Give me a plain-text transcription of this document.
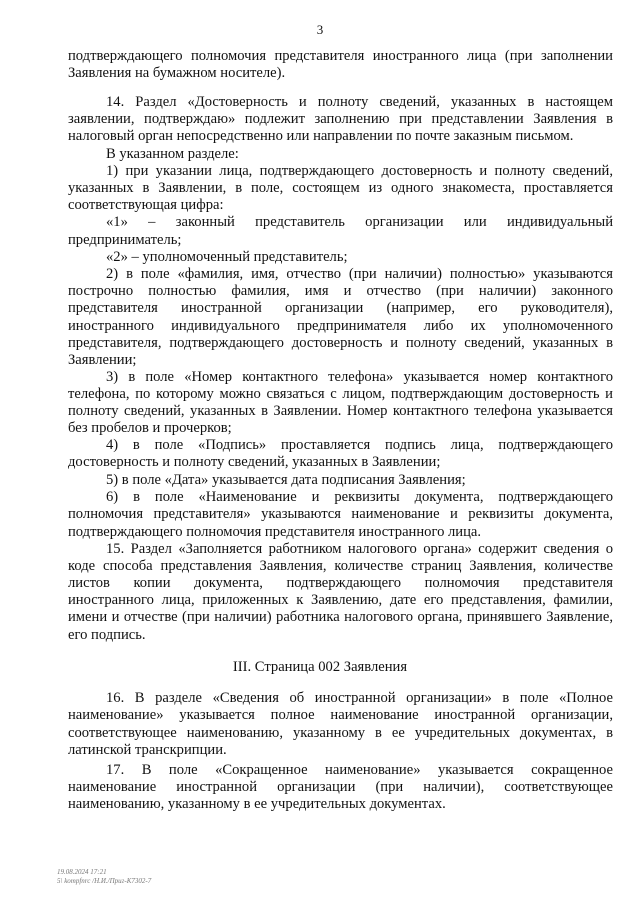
3
подтверждающего полномочия представителя иностранного лица (при заполнении
Заявления на бумажном носителе).
14. Раздел «Достоверность и полноту сведений, указанных в настоящем
заявлении, подтверждаю» подлежит заполнению при представлении Заявления в
налоговый орган непосредственно или направлении по почте заказным письмом.
В указанном разделе:
1) при указании лица, подтверждающего достоверность и полноту сведений,
указанных в Заявлении, в поле, состоящем из одного знакоместа, проставляется
соответствующая цифра:
«1» – законный представитель организации или индивидуальный
предприниматель;
«2» – уполномоченный представитель;
2) в поле «фамилия, имя, отчество (при наличии) полностью» указываются
построчно полностью фамилия, имя и отчество (при наличии) законного
представителя иностранной организации (например, его руководителя),
иностранного индивидуального предпринимателя либо их уполномоченного
представителя, подтверждающего достоверность и полноту сведений, указанных в
Заявлении;
3) в поле «Номер контактного телефона» указывается номер контактного
телефона, по которому можно связаться с лицом, подтверждающим достоверность и
полноту сведений, указанных в Заявлении. Номер контактного телефона указывается
без пробелов и прочерков;
4) в поле «Подпись» проставляется подпись лица, подтверждающего
достоверность и полноту сведений, указанных в Заявлении;
5) в поле «Дата» указывается дата подписания Заявления;
6) в поле «Наименование и реквизиты документа, подтверждающего
полномочия представителя» указываются наименование и реквизиты документа,
подтверждающего полномочия представителя иностранного лица.
15. Раздел «Заполняется работником налогового органа» содержит сведения о
коде способа представления Заявления, количестве страниц Заявления, количестве
листов копии документа, подтверждающего полномочия представителя
иностранного лица, приложенных к Заявлению, дате его представления, фамилии,
имени и отчестве (при наличии) работника налогового органа, принявшего Заявление,
его подпись.
16. В разделе «Сведения об иностранной организации» в поле «Полное
наименование» указывается полное наименование иностранной организации,
соответствующее наименованию, указанному в ее учредительных документах, в
латинской транскрипции.
17. В поле «Сокращенное наименование» указывается сокращенное
наименование иностранной организации (при наличии), соответствующее
наименованию, указанному в ее учредительных документах.
III. Страница 002 Заявления
19.08.2024 17:21
5\ kompfnrc /Н.И./Приг-К7302-7
